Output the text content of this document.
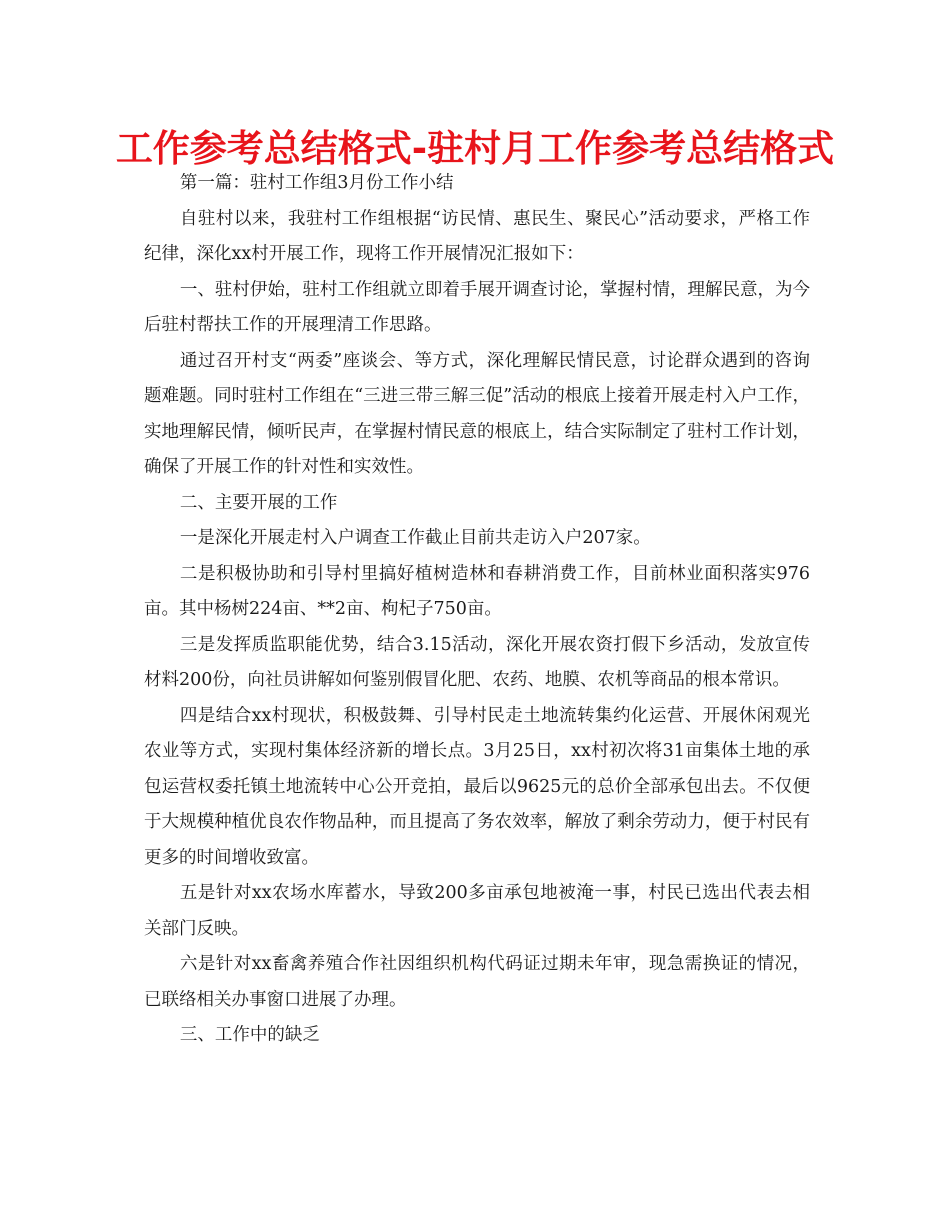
工作参考总结格式-驻村月工作参考总结格式

第一篇：驻村工作组3月份工作小结

自驻村以来，我驻村工作组根据“访民情、惠民生、聚民心”活动要求，严格工作纪律，深化xx村开展工作，现将工作开展情况汇报如下：

一、驻村伊始，驻村工作组就立即着手展开调查讨论，掌握村情，理解民意，为今后驻村帮扶工作的开展理清工作思路。

通过召开村支“两委”座谈会、等方式，深化理解民情民意，讨论群众遇到的咨询题难题。同时驻村工作组在“三进三带三解三促”活动的根底上接着开展走村入户工作，实地理解民情，倾听民声，在掌握村情民意的根底上，结合实际制定了驻村工作计划，确保了开展工作的针对性和实效性。

二、主要开展的工作

一是深化开展走村入户调查工作截止目前共走访入户207家。

二是积极协助和引导村里搞好植树造林和春耕消费工作，目前林业面积落实976亩。其中杨树224亩、**2亩、枸杞子750亩。

三是发挥质监职能优势，结合3.15活动，深化开展农资打假下乡活动，发放宣传材料200份，向社员讲解如何鉴别假冒化肥、农药、地膜、农机等商品的根本常识。

四是结合xx村现状，积极鼓舞、引导村民走土地流转集约化运营、开展休闲观光农业等方式，实现村集体经济新的增长点。3月25日，xx村初次将31亩集体土地的承包运营权委托镇土地流转中心公开竞拍，最后以9625元的总价全部承包出去。不仅便于大规模种植优良农作物品种，而且提高了务农效率，解放了剩余劳动力，便于村民有更多的时间增收致富。

五是针对xx农场水库蓄水，导致200多亩承包地被淹一事，村民已选出代表去相关部门反映。

六是针对xx畜禽养殖合作社因组织机构代码证过期未年审，现急需换证的情况，已联络相关办事窗口进展了办理。

三、工作中的缺乏
